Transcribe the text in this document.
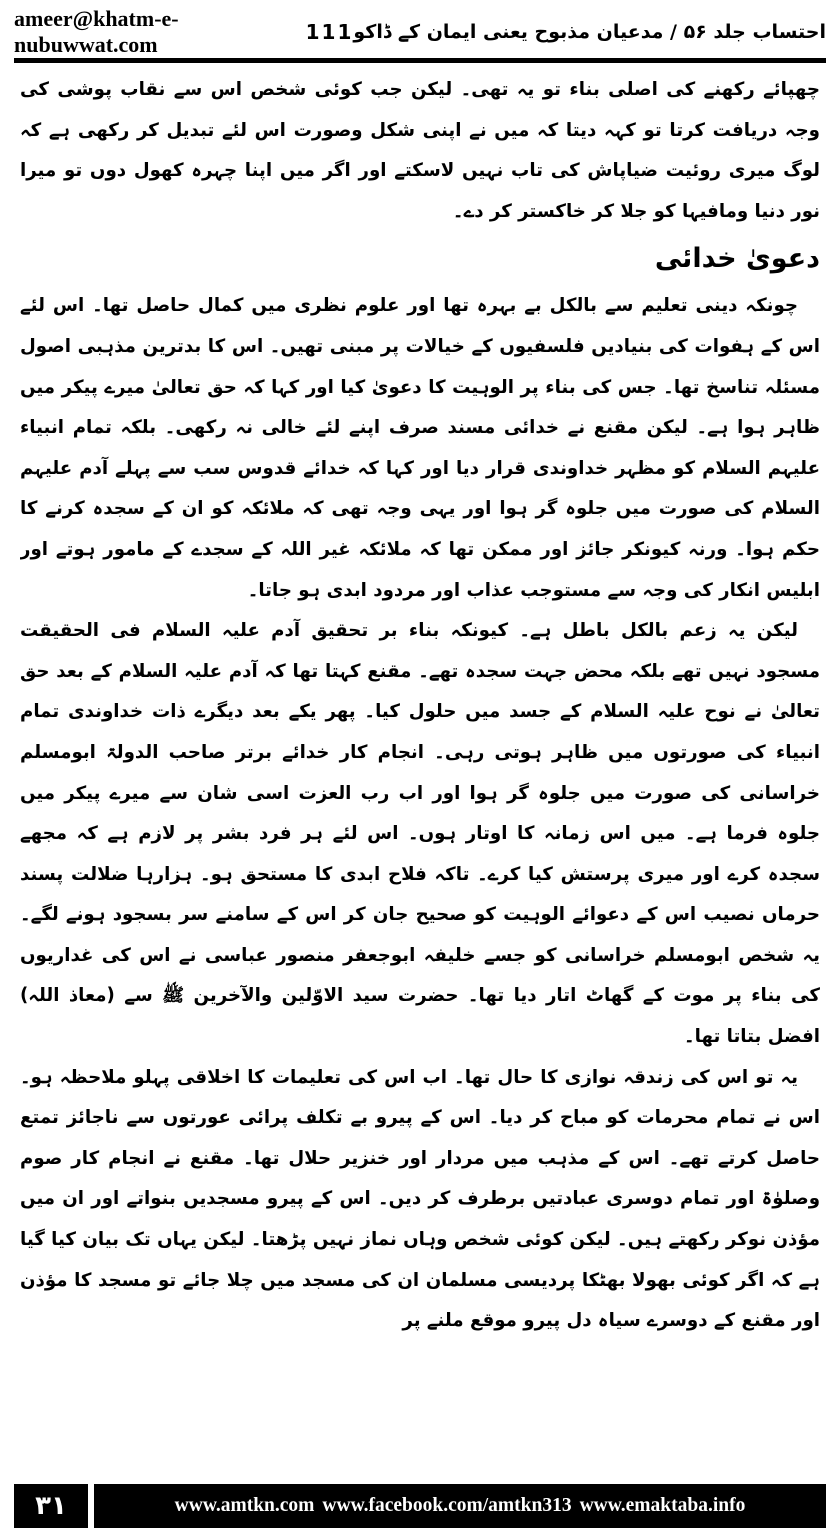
ameer@khatm-e-nubuwwat.com	111 احتساب جلد ۵۶ / مدعیان مذبوح یعنی ایمان کے ڈاکو

چھپائے رکھنے کی اصلی بناء تو یہ تھی۔ لیکن جب کوئی شخص اس سے نقاب پوشی کی وجہ دریافت کرتا تو کہہ دیتا کہ میں نے اپنی شکل وصورت اس لئے تبدیل کر رکھی ہے کہ لوگ میری روئیت ضیاپاش کی تاب نہیں لاسکتے اور اگر میں اپنا چہرہ کھول دوں تو میرا نور دنیا ومافیہا کو جلا کر خاکستر کر دے۔

دعویٰ خدائی

چونکہ دینی تعلیم سے بالکل بے بہرہ تھا اور علوم نظری میں کمال حاصل تھا۔ اس لئے اس کے ہفوات کی بنیادیں فلسفیوں کے خیالات پر مبنی تھیں۔ اس کا بدترین مذہبی اصول مسئلہ تناسخ تھا۔ جس کی بناء پر الوہیت کا دعویٰ کیا اور کہا کہ حق تعالیٰ میرے پیکر میں ظاہر ہوا ہے۔ لیکن مقنع نے خدائی مسند صرف اپنے لئے خالی نہ رکھی۔ بلکہ تمام انبیاء علیہم السلام کو مظہر خداوندی قرار دیا اور کہا کہ خدائے قدوس سب سے پہلے آدم علیہم السلام کی صورت میں جلوہ گر ہوا اور یہی وجہ تھی کہ ملائکہ کو ان کے سجدہ کرنے کا حکم ہوا۔ ورنہ کیونکر جائز اور ممکن تھا کہ ملائکہ غیر اللہ کے سجدے کے مامور ہوتے اور ابلیس انکار کی وجہ سے مستوجب عذاب اور مردود ابدی ہو جاتا۔

لیکن یہ زعم بالکل باطل ہے۔ کیونکہ بناء بر تحقیق آدم علیہ السلام فی الحقیقت مسجود نہیں تھے بلکہ محض جہت سجدہ تھے۔ مقنع کہتا تھا کہ آدم علیہ السلام کے بعد حق تعالیٰ نے نوح علیہ السلام کے جسد میں حلول کیا۔ پھر یکے بعد دیگرے ذات خداوندی تمام انبیاء کی صورتوں میں ظاہر ہوتی رہی۔ انجام کار خدائے برتر صاحب الدولۃ ابومسلم خراسانی کی صورت میں جلوہ گر ہوا اور اب رب العزت اسی شان سے میرے پیکر میں جلوہ فرما ہے۔ میں اس زمانہ کا اوتار ہوں۔ اس لئے ہر فرد بشر پر لازم ہے کہ مجھے سجدہ کرے اور میری پرستش کیا کرے۔ تاکہ فلاح ابدی کا مستحق ہو۔ ہزارہا ضلالت پسند حرماں نصیب اس کے دعوائے الوہیت کو صحیح جان کر اس کے سامنے سر بسجود ہونے لگے۔ یہ شخص ابومسلم خراسانی کو جسے خلیفہ ابوجعفر منصور عباسی نے اس کی غداریوں کی بناء پر موت کے گھاٹ اتار دیا تھا۔ حضرت سید الاوّلین والآخرین ﷺ سے (معاذ اللہ) افضل بتاتا تھا۔

یہ تو اس کی زندقہ نوازی کا حال تھا۔ اب اس کی تعلیمات کا اخلاقی پہلو ملاحظہ ہو۔ اس نے تمام محرمات کو مباح کر دیا۔ اس کے پیرو بے تکلف پرائی عورتوں سے ناجائز تمتع حاصل کرتے تھے۔ اس کے مذہب میں مردار اور خنزیر حلال تھا۔ مقنع نے انجام کار صوم وصلوٰۃ اور تمام دوسری عبادتیں برطرف کر دیں۔ اس کے پیرو مسجدیں بنواتے اور ان میں مؤذن نوکر رکھتے ہیں۔ لیکن کوئی شخص وہاں نماز نہیں پڑھتا۔ لیکن یہاں تک بیان کیا گیا ہے کہ اگر کوئی بھولا بھٹکا پردیسی مسلمان ان کی مسجد میں چلا جائے تو مسجد کا مؤذن اور مقنع کے دوسرے سیاہ دل پیرو موقع ملنے پر

۳۱	www.amtkn.com www.facebook.com/amtkn313 www.emaktaba.info
